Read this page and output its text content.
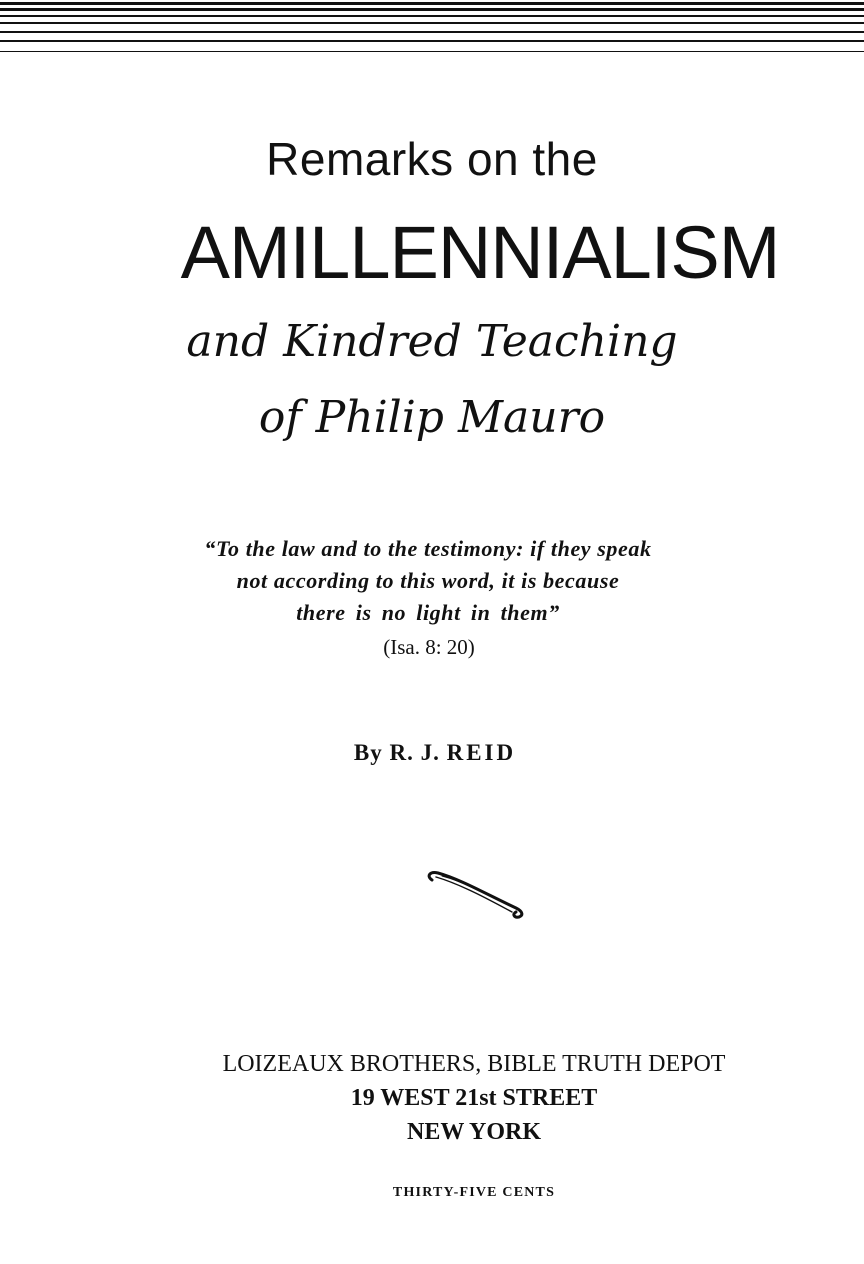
Remarks on the
AMILLENNIALISM
and Kindred Teaching
of Philip Mauro
“To the law and to the testimony: if they speak
not according to this word, it is because
there is no light in them”
(Isa. 8: 20)
By R. J. REID
LOIZEAUX BROTHERS, BIBLE TRUTH DEPOT
19 WEST 21st STREET
NEW YORK
THIRTY-FIVE CENTS
